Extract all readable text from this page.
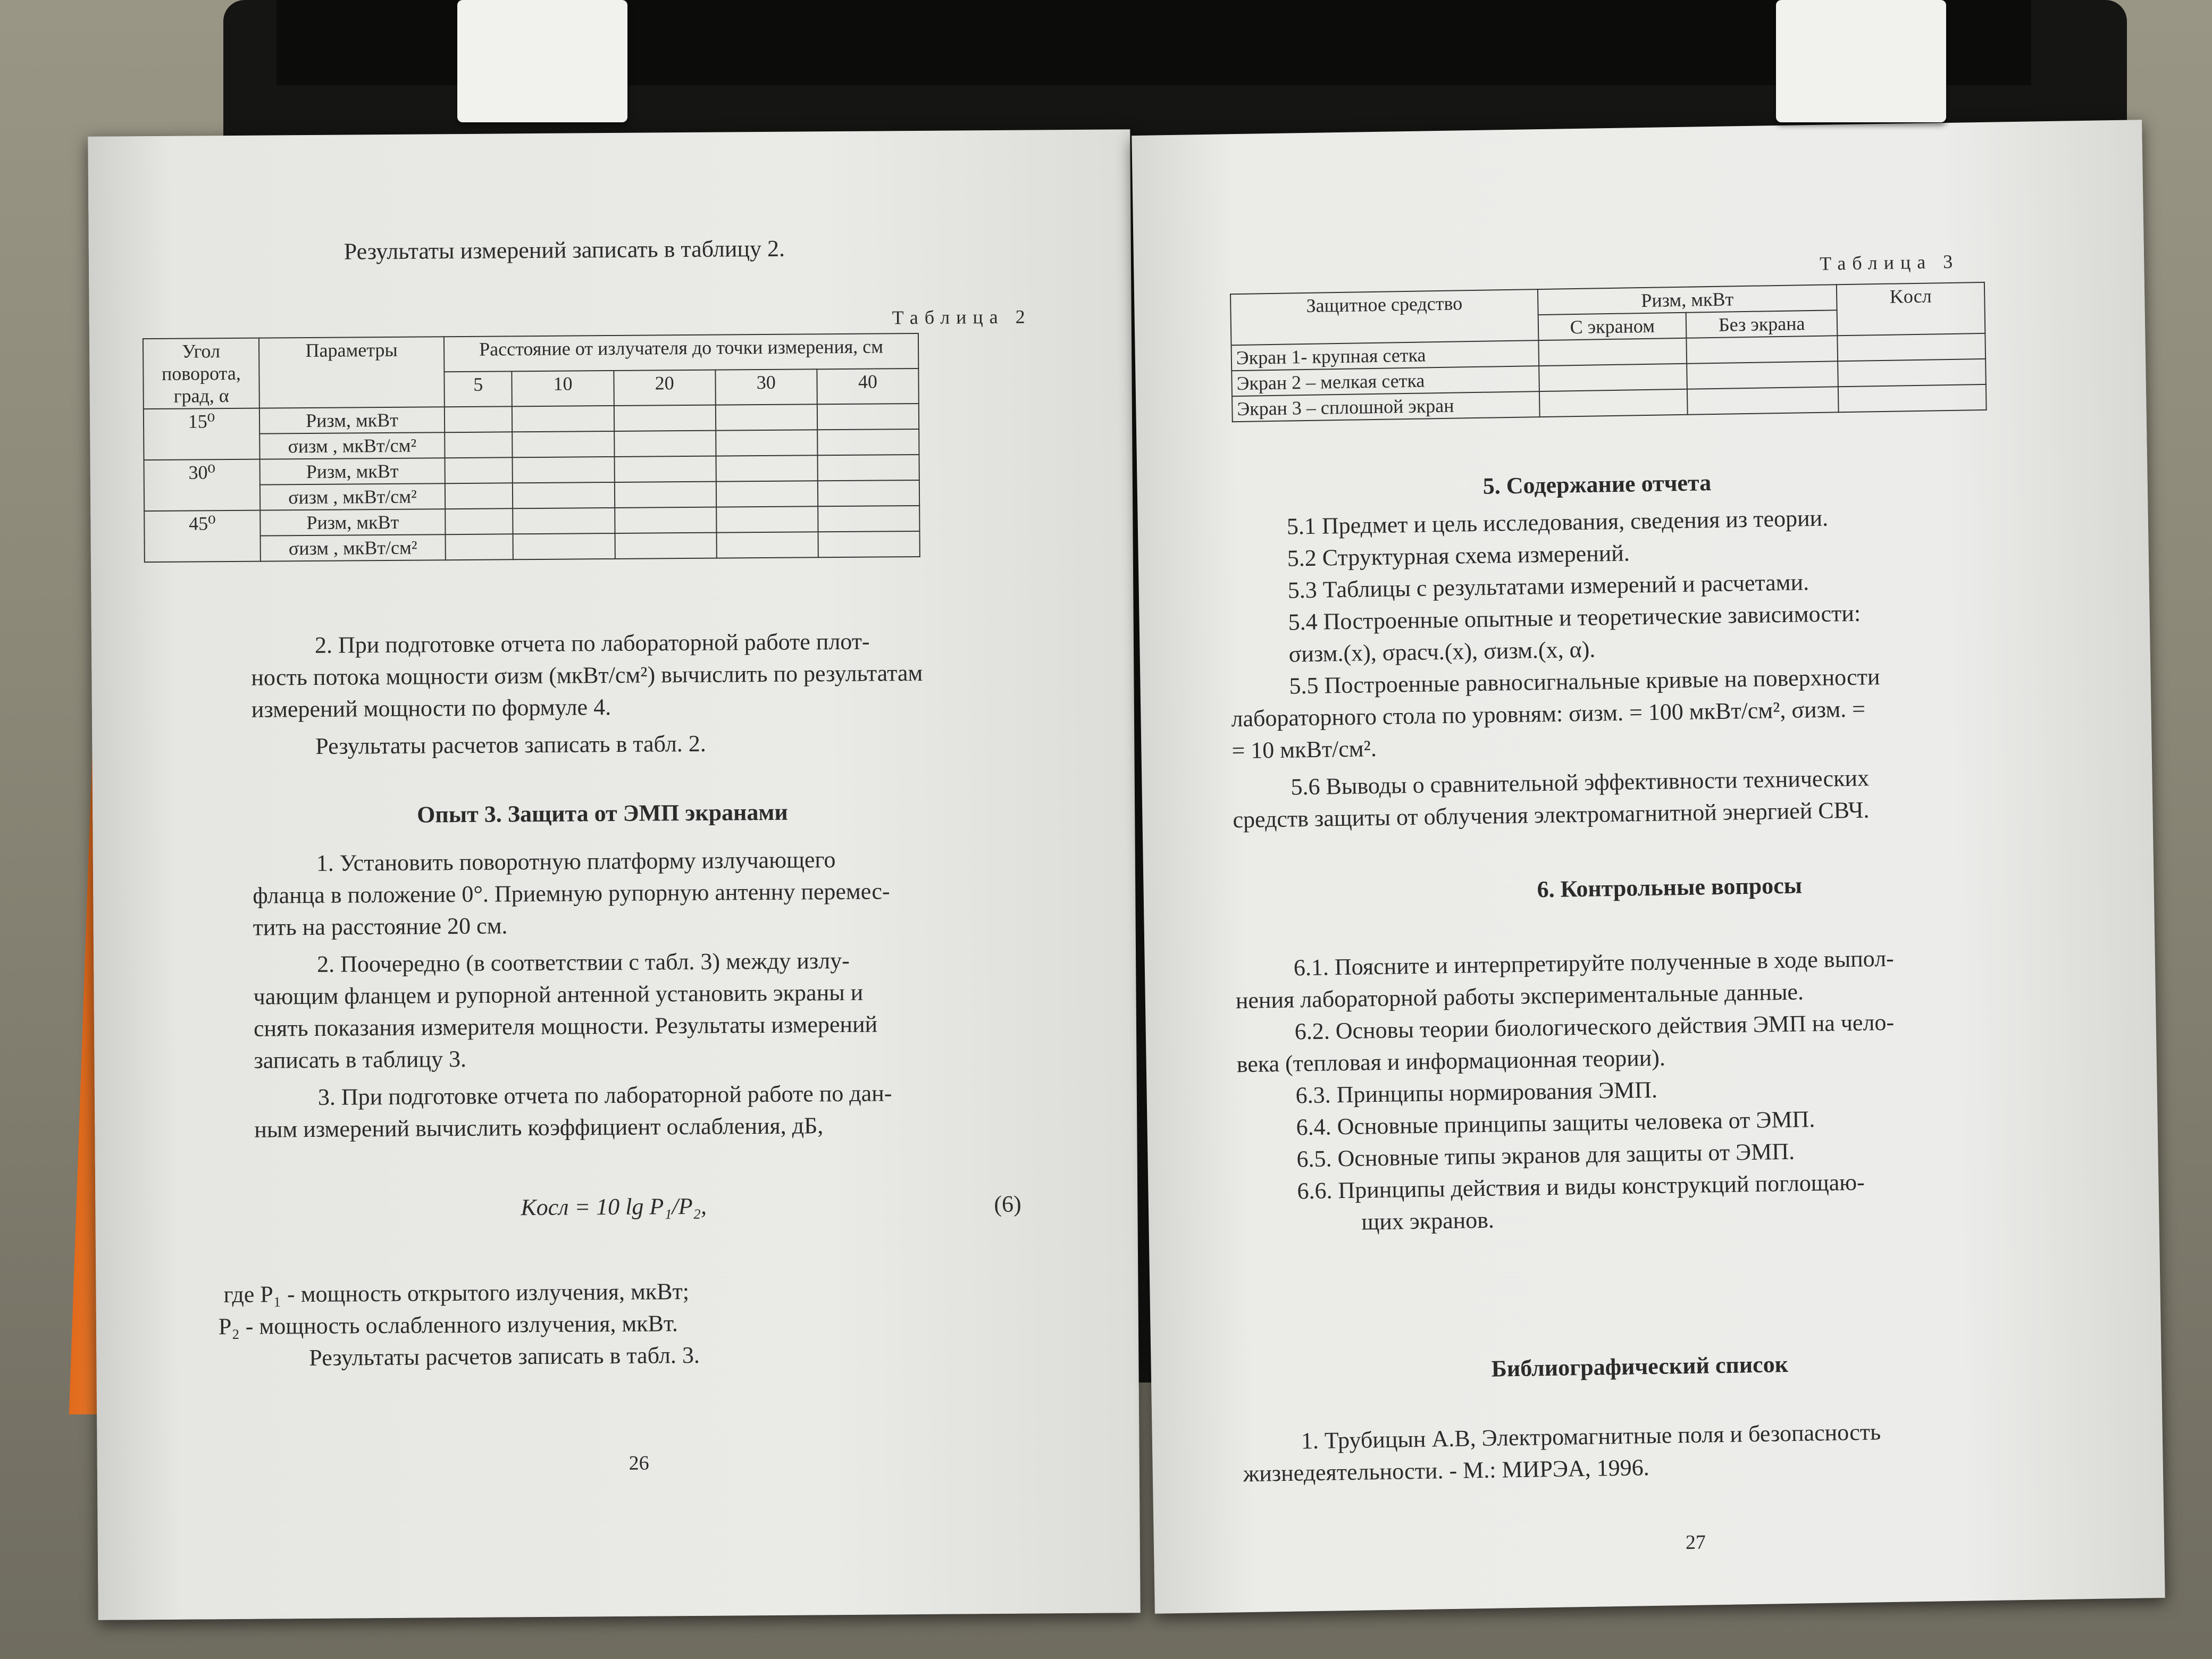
Результаты измерений записать в таблицу 2.
Таблица 2
Угол поворота, град, α	Параметры	Расстояние от излучателя до точки измерения, см				
		5	10	20	30	40
15⁰	Pизм, мкВт					
	σизм , мкВт/см²					
30⁰	Pизм, мкВт					
	σизм , мкВт/см²					
45⁰	Pизм, мкВт					
	σизм , мкВт/см²					
2. При подготовке отчета по лабораторной работе плот-
ность потока мощности σизм (мкВт/см²) вычислить по результатам
измерений мощности по формуле 4.
Результаты расчетов записать в табл. 2.
Опыт 3. Защита от ЭМП экранами
1. Установить поворотную платформу излучающего
фланца в положение 0°. Приемную рупорную антенну перемес-
тить на расстояние 20 см.
2. Поочередно (в соответствии с табл. 3) между излу-
чающим фланцем и рупорной антенной установить экраны и
снять показания измерителя мощности. Результаты измерений
записать в таблицу 3.
3. При подготовке отчета по лабораторной работе по дан-
ным измерений вычислить коэффициент ослабления, дБ,
Kосл = 10 lg P₁/P₂,	(6)
где P₁ - мощность открытого излучения, мкВт;
P₂ - мощность ослабленного излучения, мкВт.
Результаты расчетов записать в табл. 3.
26
Таблица 3
Защитное средство	Pизм, мкВт		Kосл
	С экраном	Без экрана	
Экран 1- крупная сетка			
Экран 2 – мелкая сетка			
Экран 3 – сплошной экран			
5. Содержание отчета
5.1 Предмет и цель исследования, сведения из теории.
5.2 Структурная схема измерений.
5.3 Таблицы с результатами измерений и расчетами.
5.4 Построенные опытные и теоретические зависимости:
σизм.(x), σрасч.(x), σизм.(x, α).
5.5 Построенные равносигнальные кривые на поверхности
лабораторного стола по уровням: σизм. = 100 мкВт/см², σизм. =
= 10 мкВт/см².
5.6 Выводы о сравнительной эффективности технических
средств защиты от облучения электромагнитной энергией СВЧ.
6. Контрольные вопросы
6.1. Поясните и интерпретируйте полученные в ходе выпол-
нения лабораторной работы экспериментальные данные.
6.2. Основы теории биологического действия ЭМП на чело-
века (тепловая и информационная теории).
6.3. Принципы нормирования ЭМП.
6.4. Основные принципы защиты человека от ЭМП.
6.5. Основные типы экранов для защиты от ЭМП.
6.6. Принципы действия и виды конструкций поглощаю-
щих экранов.
Библиографический список
1. Трубицын А.В, Электромагнитные поля и безопасность
жизнедеятельности. - М.: МИРЭА, 1996.
27
